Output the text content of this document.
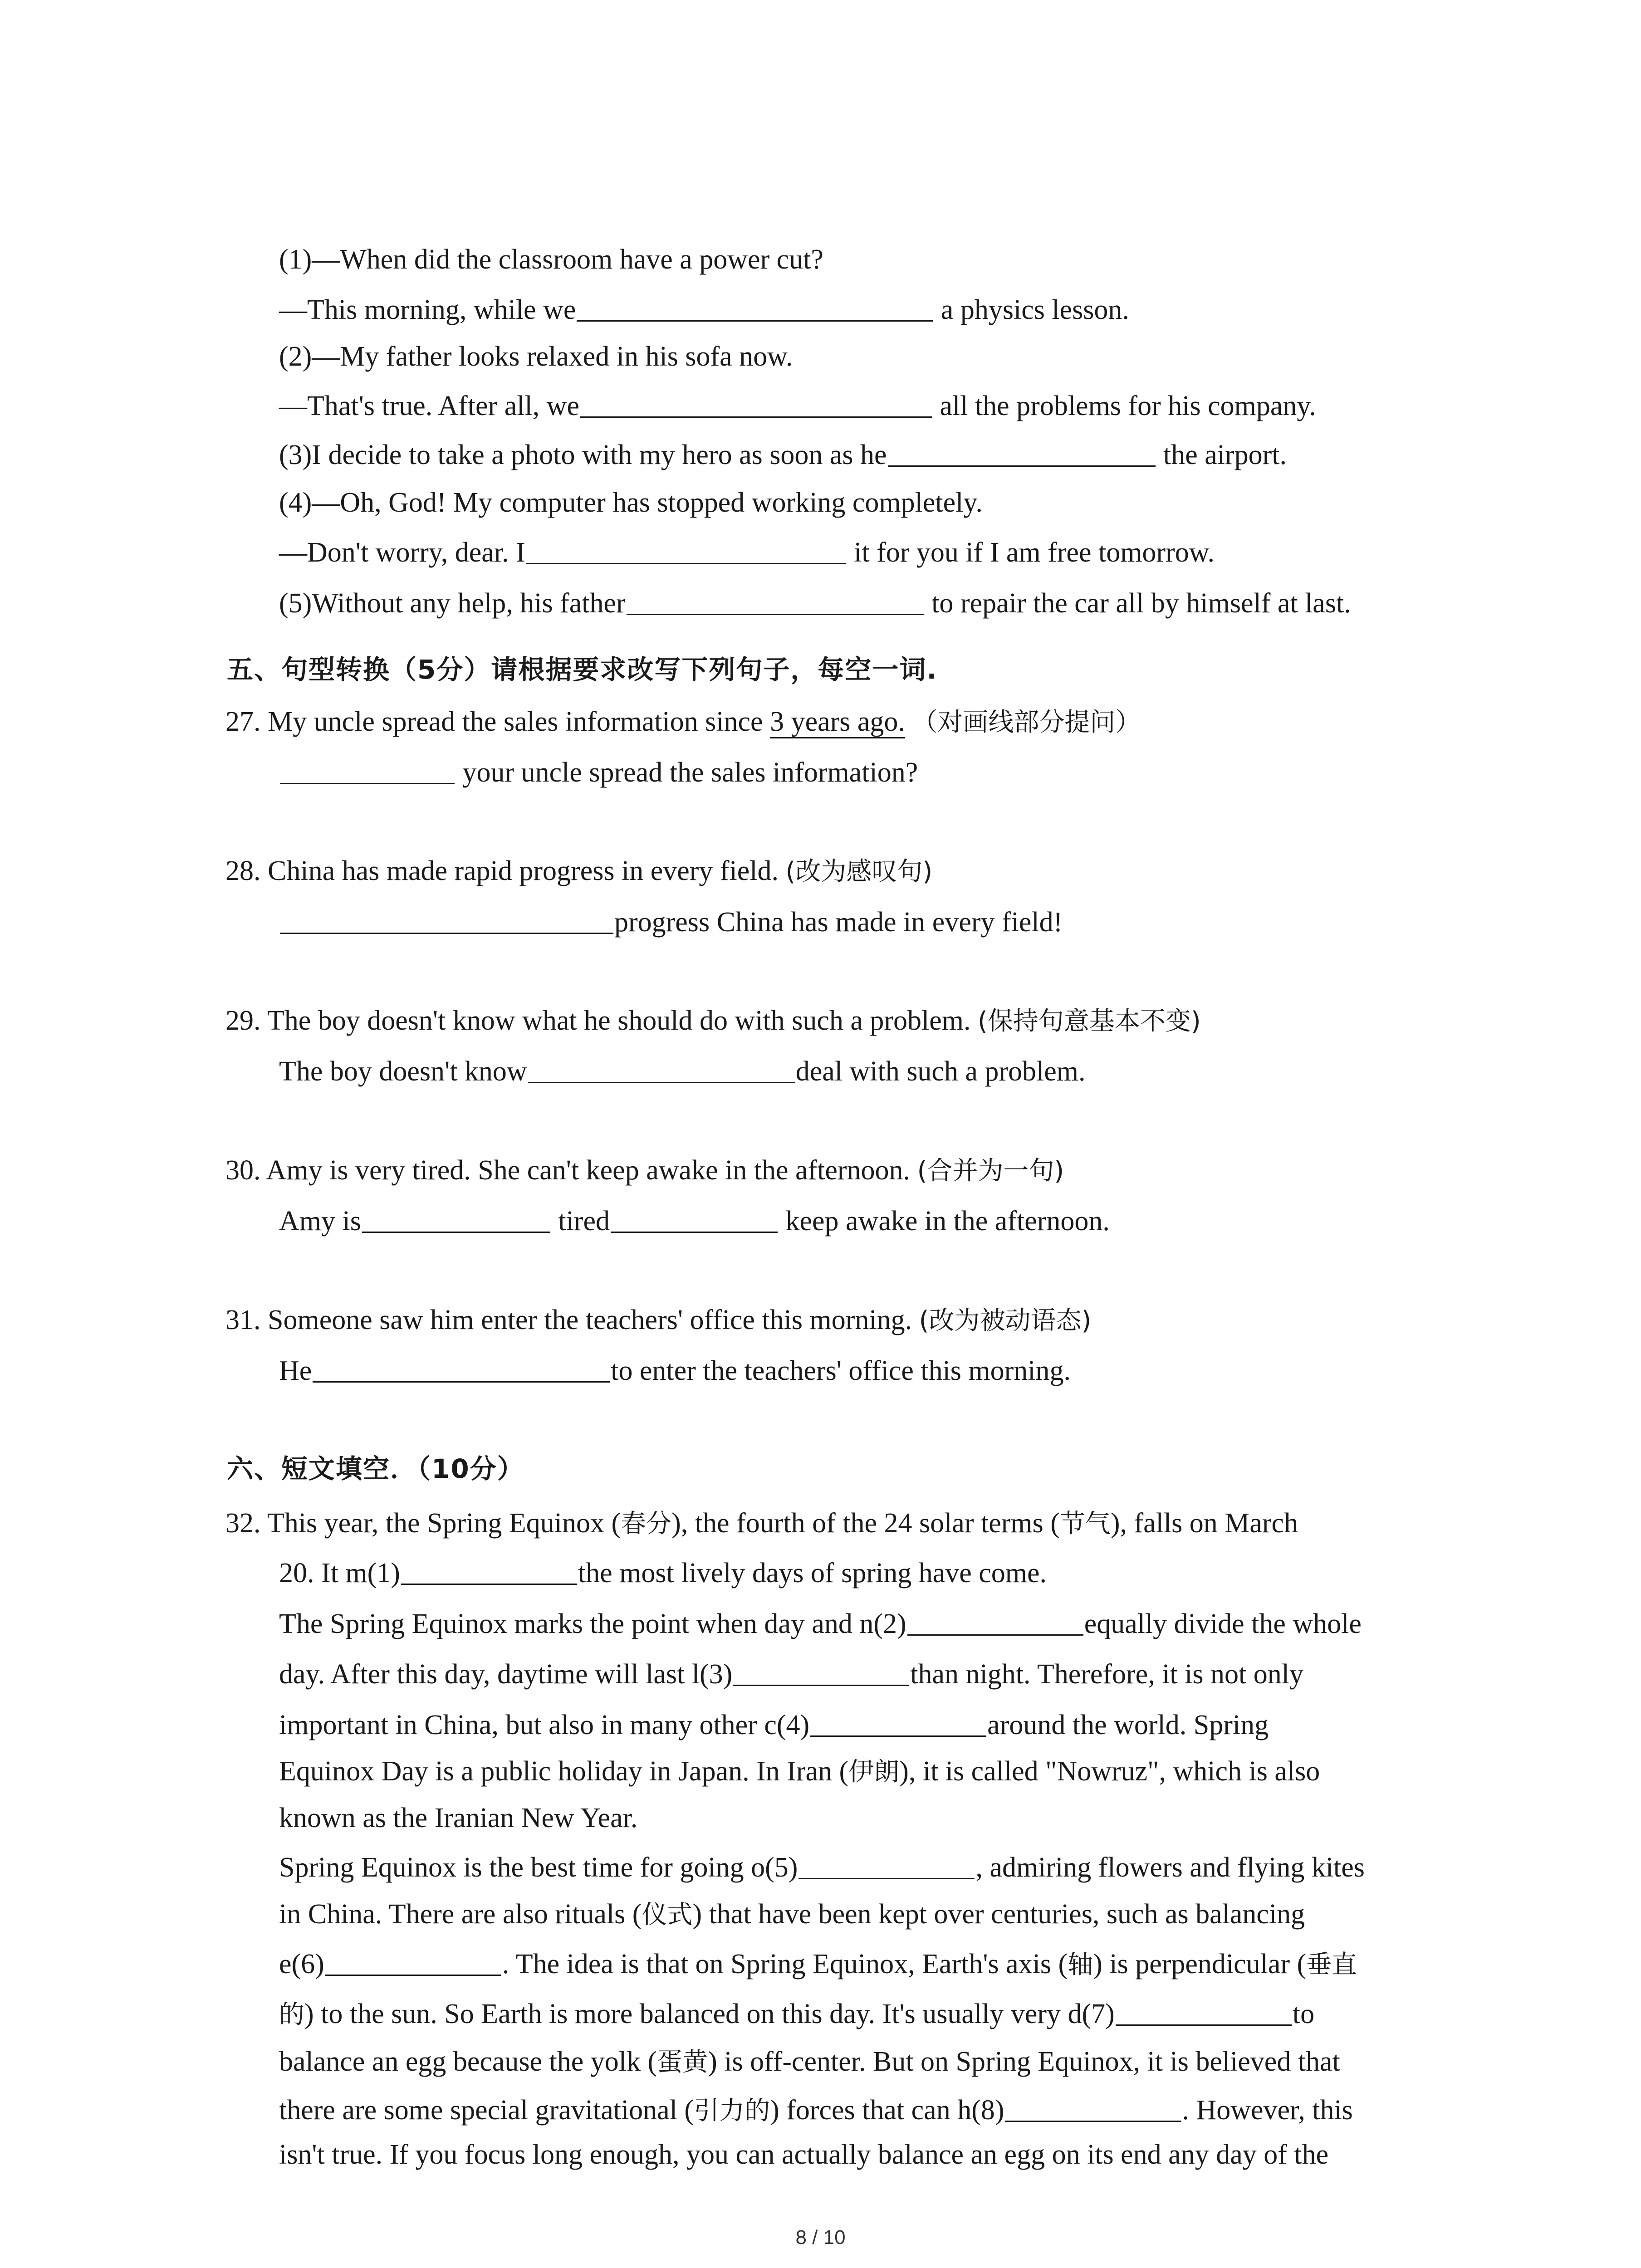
(1)—When did the classroom have a power cut?
—This morning, while we	a physics lesson.
(2)—My father looks relaxed in his sofa now.
—That's true. After all, we	all the problems for his company.
(3)I decide to take a photo with my hero as soon as he	the airport.
(4)—Oh, God! My computer has stopped working completely.
—Don't worry, dear. I	it for you if I am free tomorrow.
(5)Without any help, his father	to repair the car all by himself at last.
五、句型转换（5分）请根据要求改写下列句子，每空一词.
27. My uncle spread the sales information since 3 years ago. （对画线部分提问）
your uncle spread the sales information?
28. China has made rapid progress in every field. (改为感叹句)
progress China has made in every field!
29. The boy doesn't know what he should do with such a problem. (保持句意基本不变)
The boy doesn't know	deal with such a problem.
30. Amy is very tired. She can't keep awake in the afternoon. (合并为一句)
Amy is	tired	keep awake in the afternoon.
31. Someone saw him enter the teachers' office this morning. (改为被动语态)
He	to enter the teachers' office this morning.
六、短文填空．（10分）
32. This year, the Spring Equinox (春分), the fourth of the 24 solar terms (节气), falls on March
20. It m(1)	the most lively days of spring have come.
The Spring Equinox marks the point when day and n(2)	equally divide the whole
day. After this day, daytime will last l(3)	than night. Therefore, it is not only
important in China, but also in many other c(4)	around the world. Spring
Equinox Day is a public holiday in Japan. In Iran (伊朗), it is called "Nowruz", which is also
known as the Iranian New Year.
Spring Equinox is the best time for going o(5)	, admiring flowers and flying kites
in China. There are also rituals (仪式) that have been kept over centuries, such as balancing
e(6)	. The idea is that on Spring Equinox, Earth's axis (轴) is perpendicular (垂直
的) to the sun. So Earth is more balanced on this day. It's usually very d(7)	to
balance an egg because the yolk (蛋黄) is off-center. But on Spring Equinox, it is believed that
there are some special gravitational (引力的) forces that can h(8)	. However, this
isn't true. If you focus long enough, you can actually balance an egg on its end any day of the
8 / 10
